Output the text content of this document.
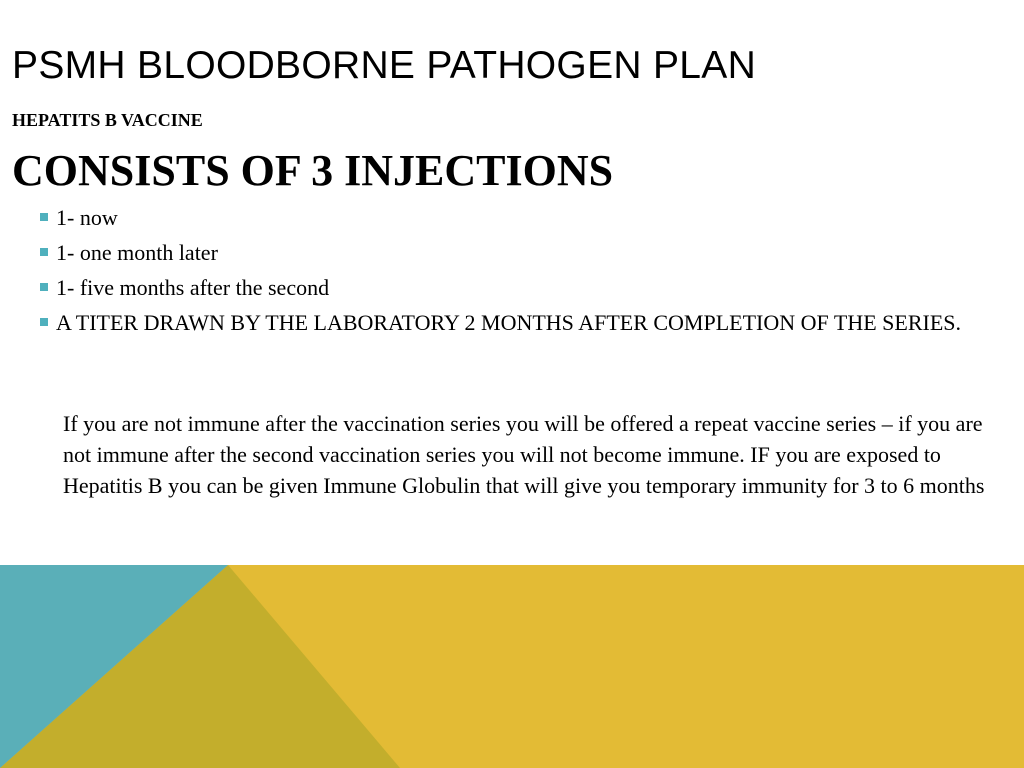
PSMH BLOODBORNE PATHOGEN PLAN
HEPATITS B VACCINE
CONSISTS OF 3 INJECTIONS
1- now
1- one month later
1- five months after the second
A TITER DRAWN BY THE LABORATORY 2 MONTHS AFTER COMPLETION OF THE SERIES.

If you are not immune after the vaccination series you will be offered a repeat vaccine series – if you are not immune after the second vaccination series you will not become immune. IF you are exposed to Hepatitis B you can be given Immune Globulin that will give you temporary immunity for 3 to 6 months
